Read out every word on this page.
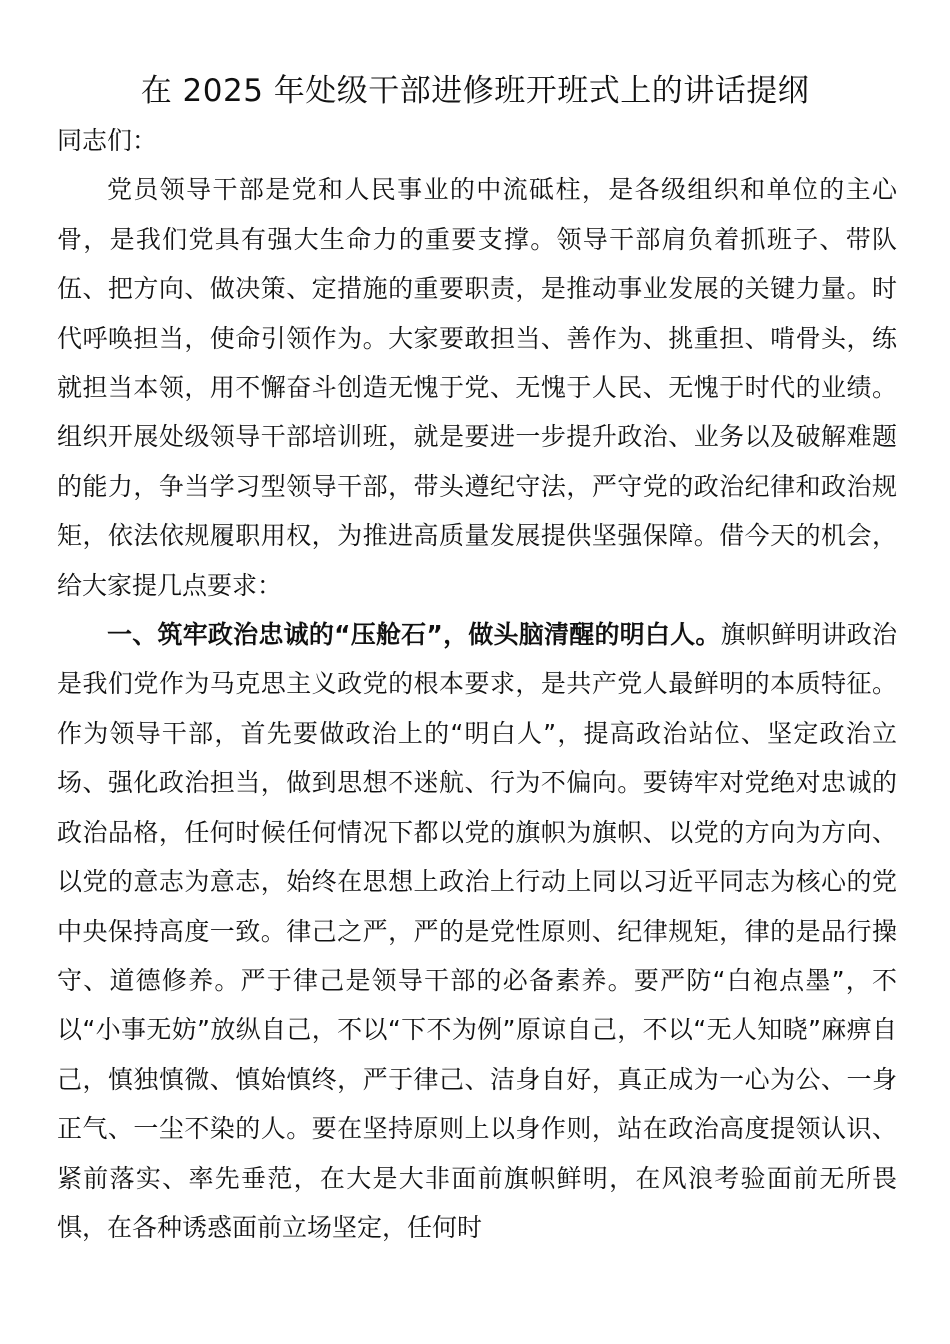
在 2025 年处级干部进修班开班式上的讲话提纲

同志们：

党员领导干部是党和人民事业的中流砥柱，是各级组织和单位的主心骨，是我们党具有强大生命力的重要支撑。领导干部肩负着抓班子、带队伍、把方向、做决策、定措施的重要职责，是推动事业发展的关键力量。时代呼唤担当，使命引领作为。大家要敢担当、善作为、挑重担、啃骨头，练就担当本领，用不懈奋斗创造无愧于党、无愧于人民、无愧于时代的业绩。组织开展处级领导干部培训班，就是要进一步提升政治、业务以及破解难题的能力，争当学习型领导干部，带头遵纪守法，严守党的政治纪律和政治规矩，依法依规履职用权，为推进高质量发展提供坚强保障。借今天的机会，给大家提几点要求：

一、筑牢政治忠诚的“压舱石”，做头脑清醒的明白人。旗帜鲜明讲政治是我们党作为马克思主义政党的根本要求，是共产党人最鲜明的本质特征。作为领导干部，首先要做政治上的“明白人”，提高政治站位、坚定政治立场、强化政治担当，做到思想不迷航、行为不偏向。要铸牢对党绝对忠诚的政治品格，任何时候任何情况下都以党的旗帜为旗帜、以党的方向为方向、以党的意志为意志，始终在思想上政治上行动上同以习近平同志为核心的党中央保持高度一致。律己之严，严的是党性原则、纪律规矩，律的是品行操守、道德修养。严于律己是领导干部的必备素养。要严防“白袍点墨”，不以“小事无妨”放纵自己，不以“下不为例”原谅自己，不以“无人知晓”麻痹自己，慎独慎微、慎始慎终，严于律己、洁身自好，真正成为一心为公、一身正气、一尘不染的人。要在坚持原则上以身作则，站在政治高度提领认识、紧前落实、率先垂范，在大是大非面前旗帜鲜明，在风浪考验面前无所畏惧，在各种诱惑面前立场坚定，任何时
